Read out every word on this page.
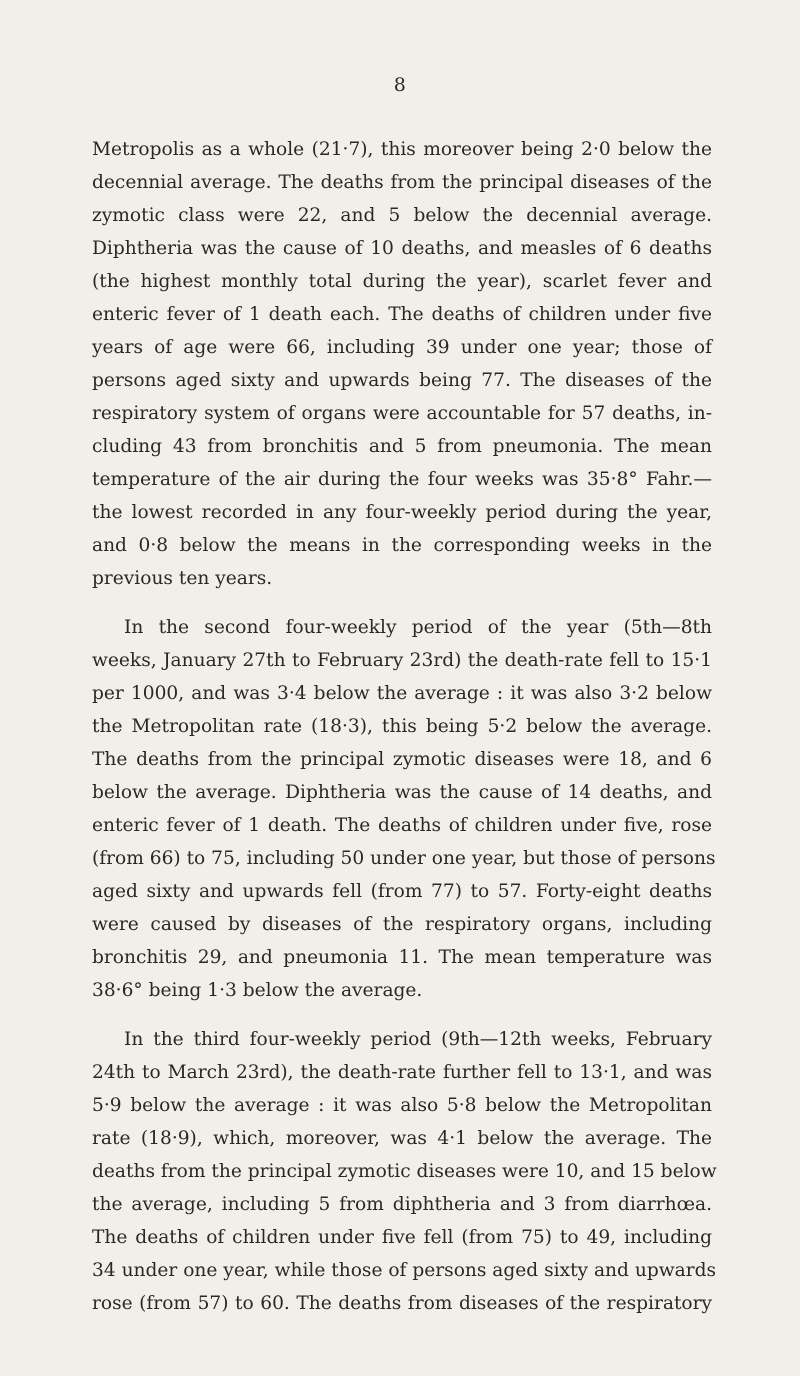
8
Metropolis as a whole (21·7), this moreover being 2·0 below the
decennial average. The deaths from the principal diseases of the
zymotic class were 22, and 5 below the decennial average.
Diphtheria was the cause of 10 deaths, and measles of 6 deaths
(the highest monthly total during the year), scarlet fever and
enteric fever of 1 death each. The deaths of children under five
years of age were 66, including 39 under one year; those of
persons aged sixty and upwards being 77. The diseases of the
respiratory system of organs were accountable for 57 deaths, in-
cluding 43 from bronchitis and 5 from pneumonia. The mean
temperature of the air during the four weeks was 35·8° Fahr.—
the lowest recorded in any four-weekly period during the year,
and 0·8 below the means in the corresponding weeks in the
previous ten years.
In the second four-weekly period of the year (5th—8th
weeks, January 27th to February 23rd) the death-rate fell to 15·1
per 1000, and was 3·4 below the average : it was also 3·2 below
the Metropolitan rate (18·3), this being 5·2 below the average.
The deaths from the principal zymotic diseases were 18, and 6
below the average. Diphtheria was the cause of 14 deaths, and
enteric fever of 1 death. The deaths of children under five, rose
(from 66) to 75, including 50 under one year, but those of persons
aged sixty and upwards fell (from 77) to 57. Forty-eight deaths
were caused by diseases of the respiratory organs, including
bronchitis 29, and pneumonia 11. The mean temperature was
38·6° being 1·3 below the average.
In the third four-weekly period (9th—12th weeks, February
24th to March 23rd), the death-rate further fell to 13·1, and was
5·9 below the average : it was also 5·8 below the Metropolitan
rate (18·9), which, moreover, was 4·1 below the average. The
deaths from the principal zymotic diseases were 10, and 15 below
the average, including 5 from diphtheria and 3 from diarrhœa.
The deaths of children under five fell (from 75) to 49, including
34 under one year, while those of persons aged sixty and upwards
rose (from 57) to 60. The deaths from diseases of the respiratory
